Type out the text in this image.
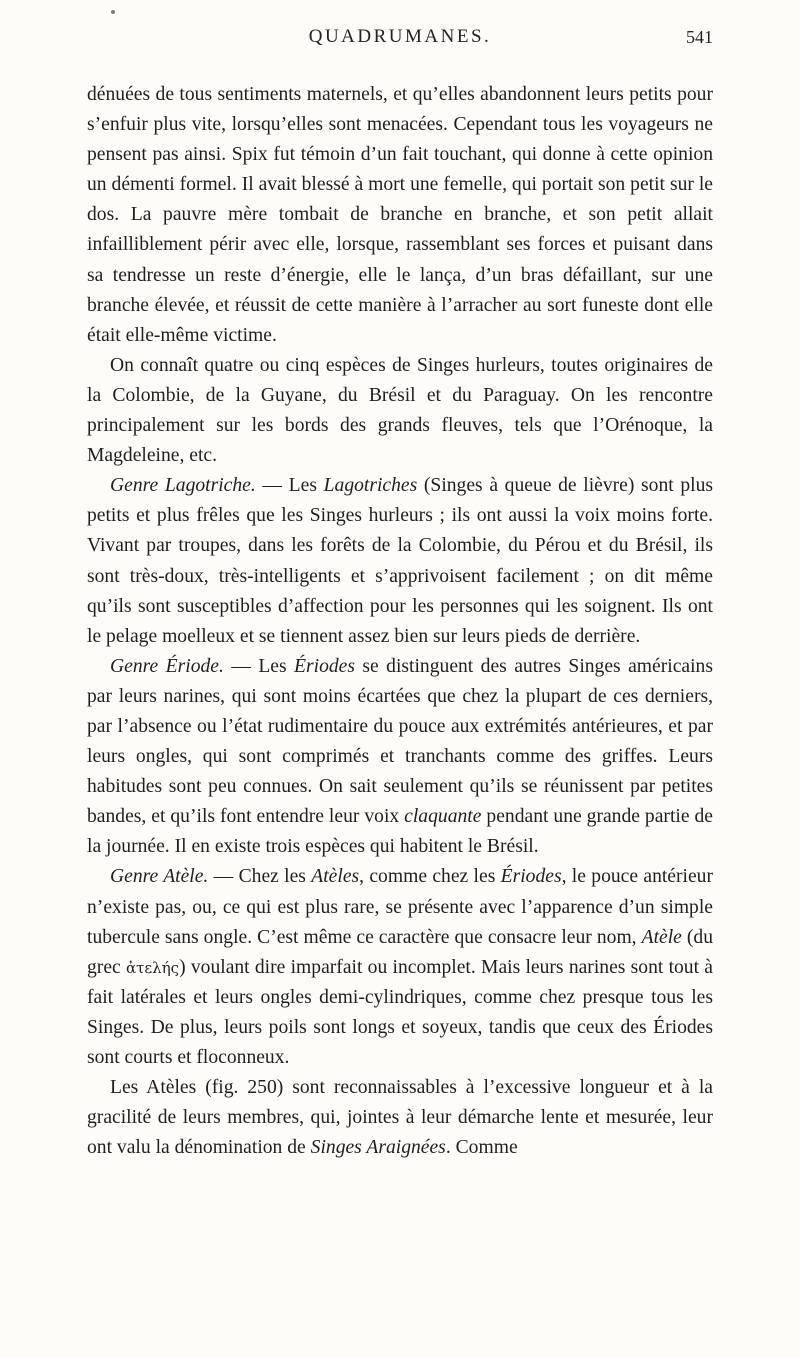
QUADRUMANES.	541

dénuées de tous sentiments maternels, et qu’elles abandonnent leurs petits pour s’enfuir plus vite, lorsqu’elles sont menacées. Cependant tous les voyageurs ne pensent pas ainsi. Spix fut témoin d’un fait touchant, qui donne à cette opinion un démenti formel. Il avait blessé à mort une femelle, qui portait son petit sur le dos. La pauvre mère tombait de branche en branche, et son petit allait infailliblement périr avec elle, lorsque, rassemblant ses forces et puisant dans sa tendresse un reste d’énergie, elle le lança, d’un bras défaillant, sur une branche élevée, et réussit de cette manière à l’arracher au sort funeste dont elle était elle-même victime.

On connaît quatre ou cinq espèces de Singes hurleurs, toutes originaires de la Colombie, de la Guyane, du Brésil et du Paraguay. On les rencontre principalement sur les bords des grands fleuves, tels que l’Orénoque, la Magdeleine, etc.

Genre Lagotriche. — Les Lagotriches (Singes à queue de lièvre) sont plus petits et plus frêles que les Singes hurleurs ; ils ont aussi la voix moins forte. Vivant par troupes, dans les forêts de la Colombie, du Pérou et du Brésil, ils sont très-doux, très-intelligents et s’apprivoisent facilement ; on dit même qu’ils sont susceptibles d’affection pour les personnes qui les soignent. Ils ont le pelage moelleux et se tiennent assez bien sur leurs pieds de derrière.

Genre Ériode. — Les Ériodes se distinguent des autres Singes américains par leurs narines, qui sont moins écartées que chez la plupart de ces derniers, par l’absence ou l’état rudimentaire du pouce aux extrémités antérieures, et par leurs ongles, qui sont comprimés et tranchants comme des griffes. Leurs habitudes sont peu connues. On sait seulement qu’ils se réunissent par petites bandes, et qu’ils font entendre leur voix claquante pendant une grande partie de la journée. Il en existe trois espèces qui habitent le Brésil.

Genre Atèle. — Chez les Atèles, comme chez les Ériodes, le pouce antérieur n’existe pas, ou, ce qui est plus rare, se présente avec l’apparence d’un simple tubercule sans ongle. C’est même ce caractère que consacre leur nom, Atèle (du grec ἀτελής) voulant dire imparfait ou incomplet. Mais leurs narines sont tout à fait latérales et leurs ongles demi-cylindriques, comme chez presque tous les Singes. De plus, leurs poils sont longs et soyeux, tandis que ceux des Ériodes sont courts et floconneux.

Les Atèles (fig. 250) sont reconnaissables à l’excessive longueur et à la gracilité de leurs membres, qui, jointes à leur démarche lente et mesurée, leur ont valu la dénomination de Singes Araignées. Comme
